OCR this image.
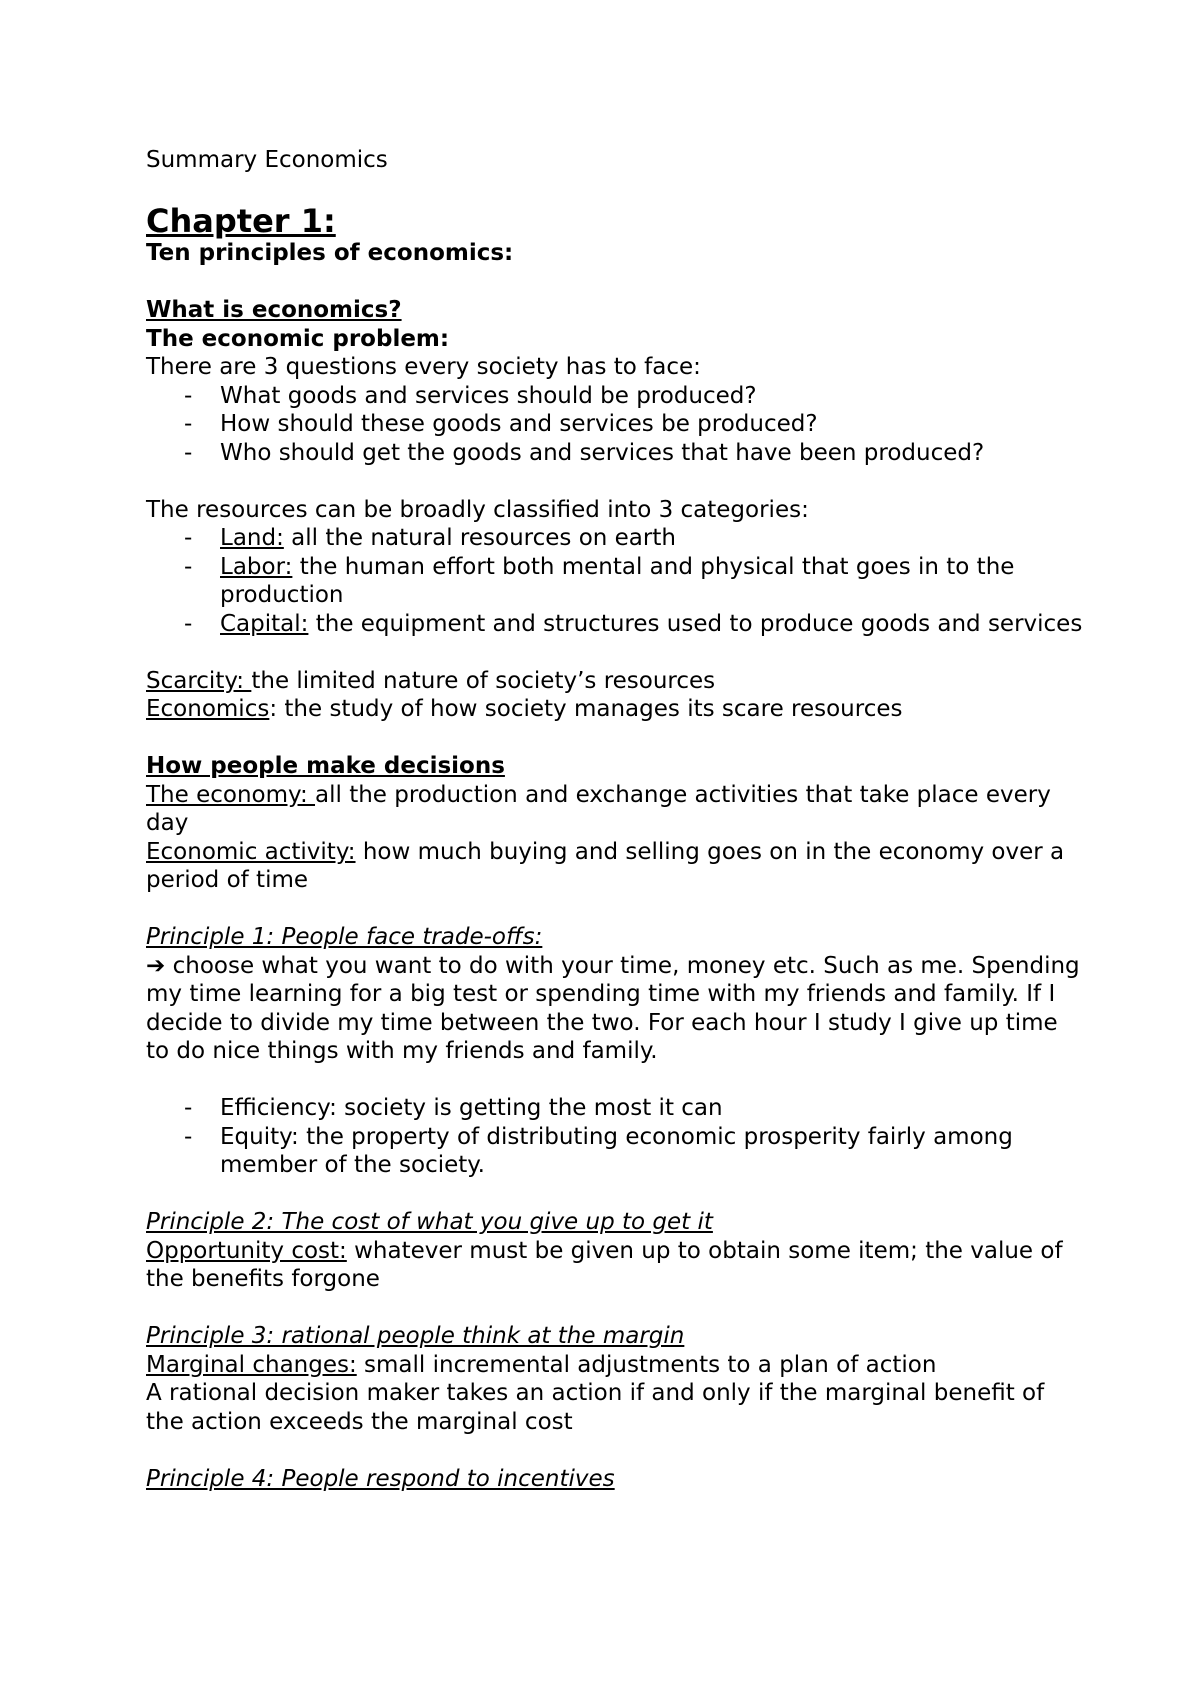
Summary Economics

Chapter 1:

Ten principles of economics:

What is economics?

The economic problem:

There are 3 questions every society has to face:

- What goods and services should be produced?
- How should these goods and services be produced?
- Who should get the goods and services that have been produced?

The resources can be broadly classified into 3 categories:

- Land: all the natural resources on earth
- Labor: the human effort both mental and physical that goes in to the production
- Capital: the equipment and structures used to produce goods and services

Scarcity: the limited nature of society’s resources

Economics: the study of how society manages its scare resources

How people make decisions

The economy: all the production and exchange activities that take place every day

Economic activity: how much buying and selling goes on in the economy over a period of time

Principle 1: People face trade-offs:

➔ choose what you want to do with your time, money etc. Such as me. Spending my time learning for a big test or spending time with my friends and family. If I decide to divide my time between the two. For each hour I study I give up time to do nice things with my friends and family.

- Efficiency: society is getting the most it can
- Equity: the property of distributing economic prosperity fairly among member of the society.

Principle 2: The cost of what you give up to get it

Opportunity cost: whatever must be given up to obtain some item; the value of the benefits forgone

Principle 3: rational people think at the margin

Marginal changes: small incremental adjustments to a plan of action

A rational decision maker takes an action if and only if the marginal benefit of the action exceeds the marginal cost

Principle 4: People respond to incentives
